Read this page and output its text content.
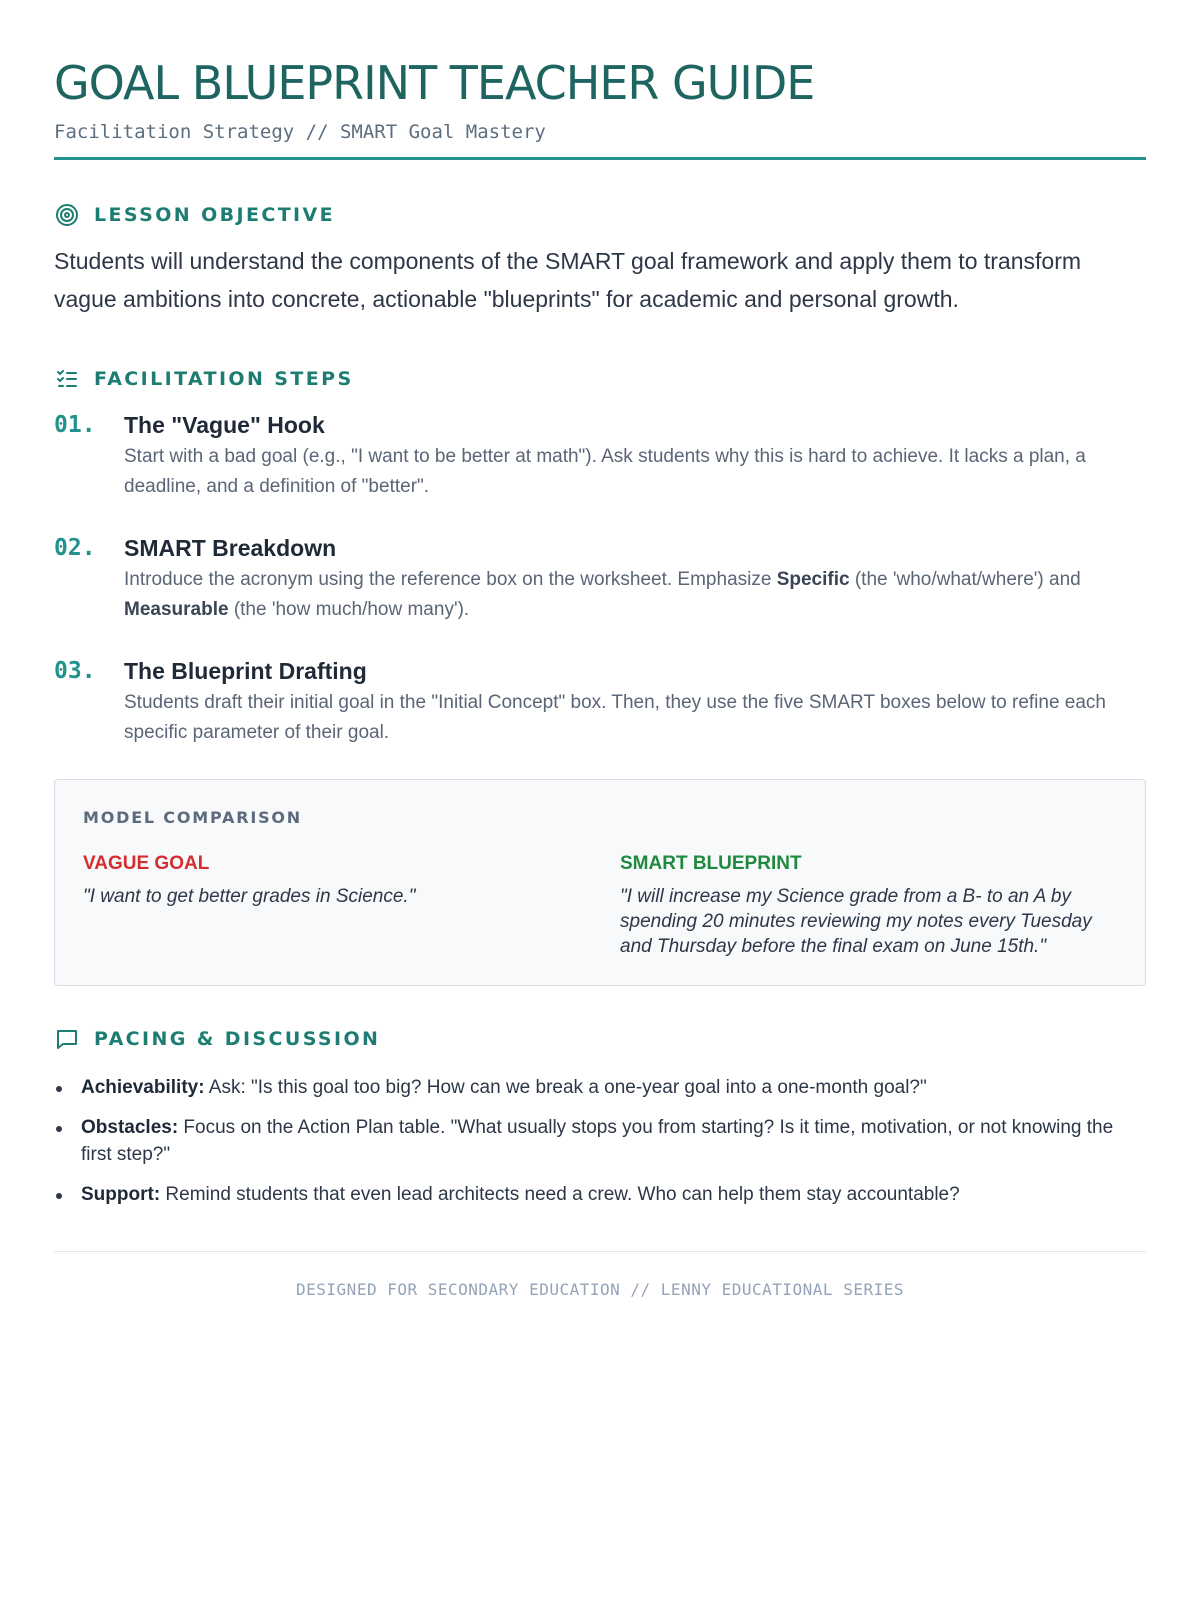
GOAL BLUEPRINT TEACHER GUIDE
Facilitation Strategy // SMART Goal Mastery
LESSON OBJECTIVE
Students will understand the components of the SMART goal framework and apply them to transform vague ambitions into concrete, actionable "blueprints" for academic and personal growth.
FACILITATION STEPS
01.	The "Vague" Hook
Start with a bad goal (e.g., "I want to be better at math"). Ask students why this is hard to achieve. It lacks a plan, a deadline, and a definition of "better".
02.	SMART Breakdown
Introduce the acronym using the reference box on the worksheet. Emphasize Specific (the 'who/what/where') and Measurable (the 'how much/how many').
03.	The Blueprint Drafting
Students draft their initial goal in the "Initial Concept" box. Then, they use the five SMART boxes below to refine each specific parameter of their goal.
MODEL COMPARISON
VAGUE GOAL
"I want to get better grades in Science."
SMART BLUEPRINT
"I will increase my Science grade from a B- to an A by spending 20 minutes reviewing my notes every Tuesday and Thursday before the final exam on June 15th."
PACING & DISCUSSION
Achievability: Ask: "Is this goal too big? How can we break a one-year goal into a one-month goal?"
Obstacles: Focus on the Action Plan table. "What usually stops you from starting? Is it time, motivation, or not knowing the first step?"
Support: Remind students that even lead architects need a crew. Who can help them stay accountable?
DESIGNED FOR SECONDARY EDUCATION // LENNY EDUCATIONAL SERIES
